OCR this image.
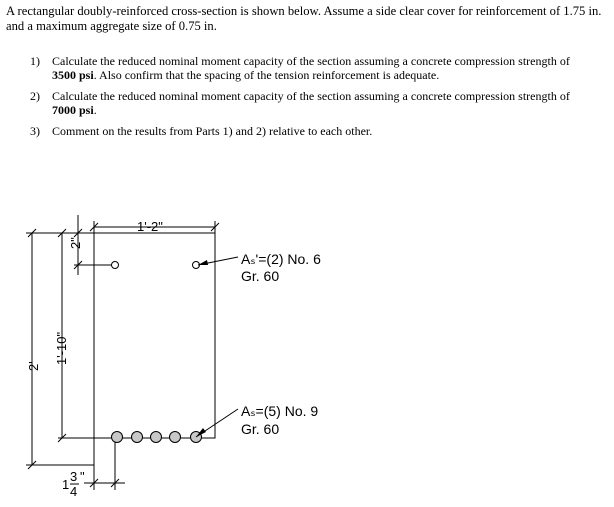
A rectangular doubly-reinforced cross-section is shown below. Assume a side clear cover for reinforcement of 1.75 in. and a maximum aggregate size of 0.75 in.
1) Calculate the reduced nominal moment capacity of the section assuming a concrete compression strength of 3500 psi. Also confirm that the spacing of the tension reinforcement is adequate.
2) Calculate the reduced nominal moment capacity of the section assuming a concrete compression strength of 7000 psi.
3) Comment on the results from Parts 1) and 2) relative to each other.
1'-2"
2"
1'-10"
2'
1
3
4
"
Aₛ'=(2) No. 6
Gr. 60
Aₛ=(5) No. 9
Gr. 60
